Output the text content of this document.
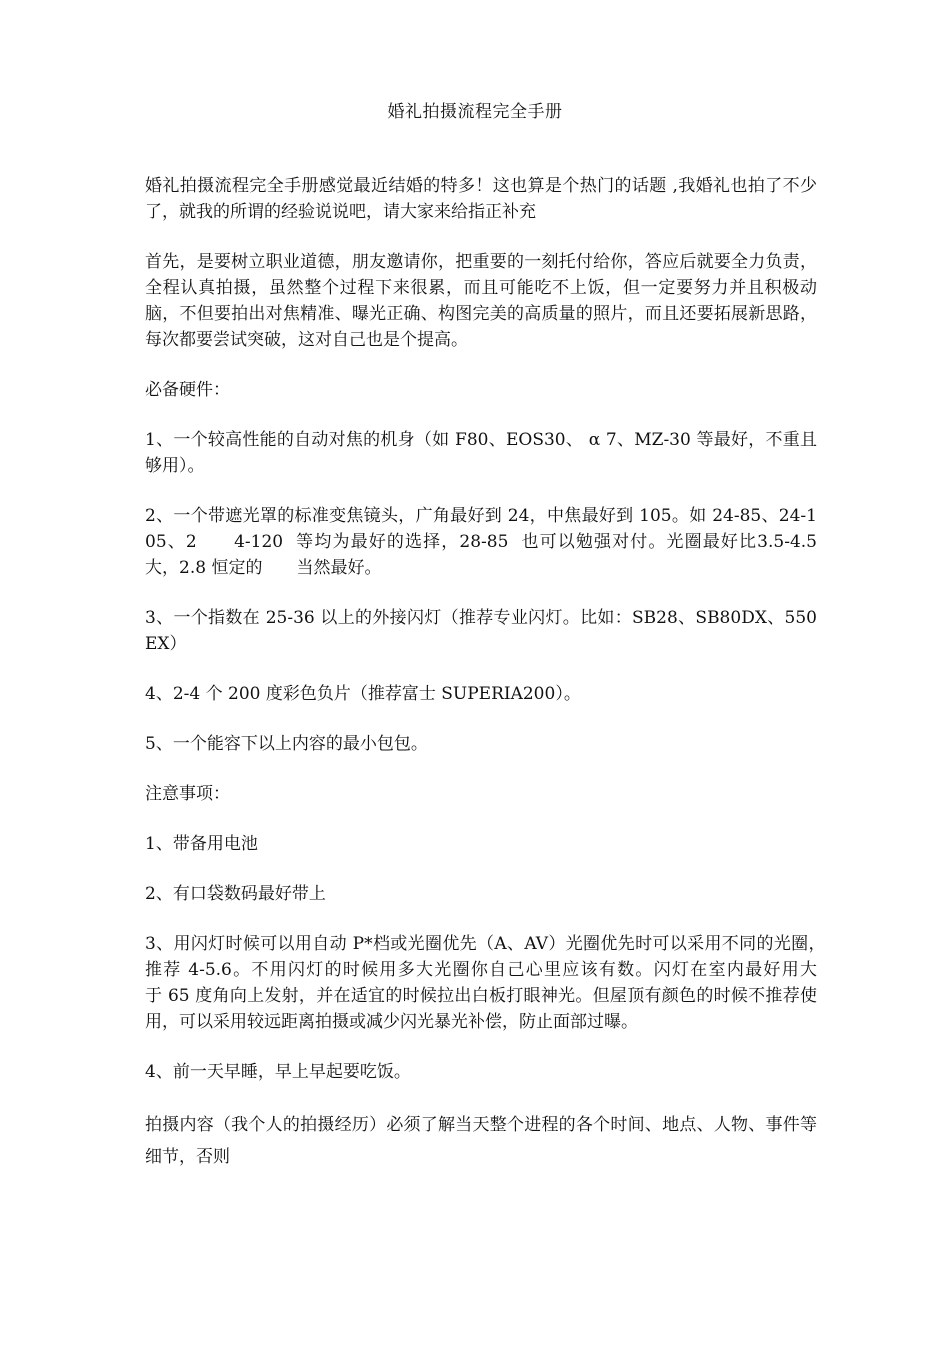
婚礼拍摄流程完全手册

婚礼拍摄流程完全手册感觉最近结婚的特多！这也算是个热门的话题 ,我婚礼也拍了不少了，就我的所谓的经验说说吧，请大家来给指正补充

首先，是要树立职业道德，朋友邀请你，把重要的一刻托付给你，答应后就要全力负责，全程认真拍摄，虽然整个过程下来很累，而且可能吃不上饭，但一定要努力并且积极动脑，不但要拍出对焦精准、曝光正确、构图完美的高质量的照片，而且还要拓展新思路，每次都要尝试突破，这对自己也是个提高。

必备硬件：

1、一个较高性能的自动对焦的机身（如 F80、EOS30、 α 7、MZ-30 等最好，不重且够用）。

2、一个带遮光罩的标准变焦镜头，广角最好到 24，中焦最好到 105。如 24-85、24-105、2　　4-120  等均为最好的选择，28-85  也可以勉强对付。光圈最好比3.5-4.5 大，2.8 恒定的　　当然最好。

3、一个指数在 25-36 以上的外接闪灯（推荐专业闪灯。比如：SB28、SB80DX、550EX）

4、2-4 个 200 度彩色负片（推荐富士 SUPERIA200）。

5、一个能容下以上内容的最小包包。

注意事项：

1、带备用电池

2、有口袋数码最好带上

3、用闪灯时候可以用自动 P*档或光圈优先（A、AV）光圈优先时可以采用不同的光圈，　　推荐 4-5.6。不用闪灯的时候用多大光圈你自己心里应该有数。闪灯在室内最好用大　　于 65 度角向上发射，并在适宜的时候拉出白板打眼神光。但屋顶有颜色的时候不推荐使用，可以采用较远距离拍摄或减少闪光暴光补偿，防止面部过曝。

4、前一天早睡，早上早起要吃饭。

拍摄内容（我个人的拍摄经历）必须了解当天整个进程的各个时间、地点、人物、事件等细节，否则
